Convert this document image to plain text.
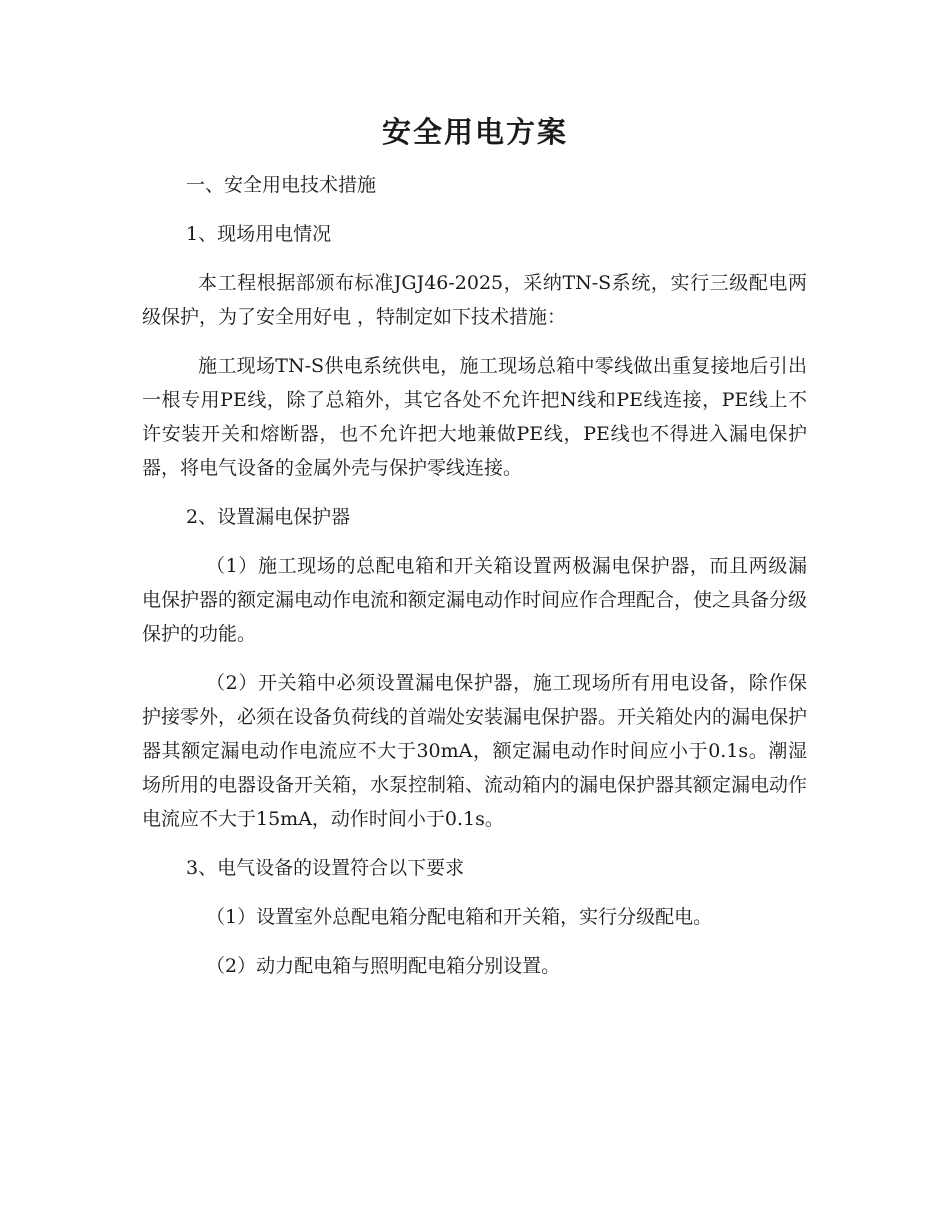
安全用电方案

一、安全用电技术措施

1、现场用电情况

本工程根据部颁布标准JGJ46-2025，采纳TN-S系统，实行三级配电两级保护，为了安全用好电 ，特制定如下技术措施：

施工现场TN-S供电系统供电，施工现场总箱中零线做出重复接地后引出一根专用PE线，除了总箱外，其它各处不允许把N线和PE线连接，PE线上不许安装开关和熔断器，也不允许把大地兼做PE线，PE线也不得进入漏电保护器，将电气设备的金属外壳与保护零线连接。

2、设置漏电保护器

（1）施工现场的总配电箱和开关箱设置两极漏电保护器，而且两级漏电保护器的额定漏电动作电流和额定漏电动作时间应作合理配合，使之具备分级保护的功能。

（2）开关箱中必须设置漏电保护器，施工现场所有用电设备，除作保护接零外，必须在设备负荷线的首端处安装漏电保护器。开关箱处内的漏电保护器其额定漏电动作电流应不大于30mA，额定漏电动作时间应小于0.1s。潮湿场所用的电器设备开关箱，水泵控制箱、流动箱内的漏电保护器其额定漏电动作电流应不大于15mA，动作时间小于0.1s。

3、电气设备的设置符合以下要求

（1）设置室外总配电箱分配电箱和开关箱，实行分级配电。

（2）动力配电箱与照明配电箱分别设置。
